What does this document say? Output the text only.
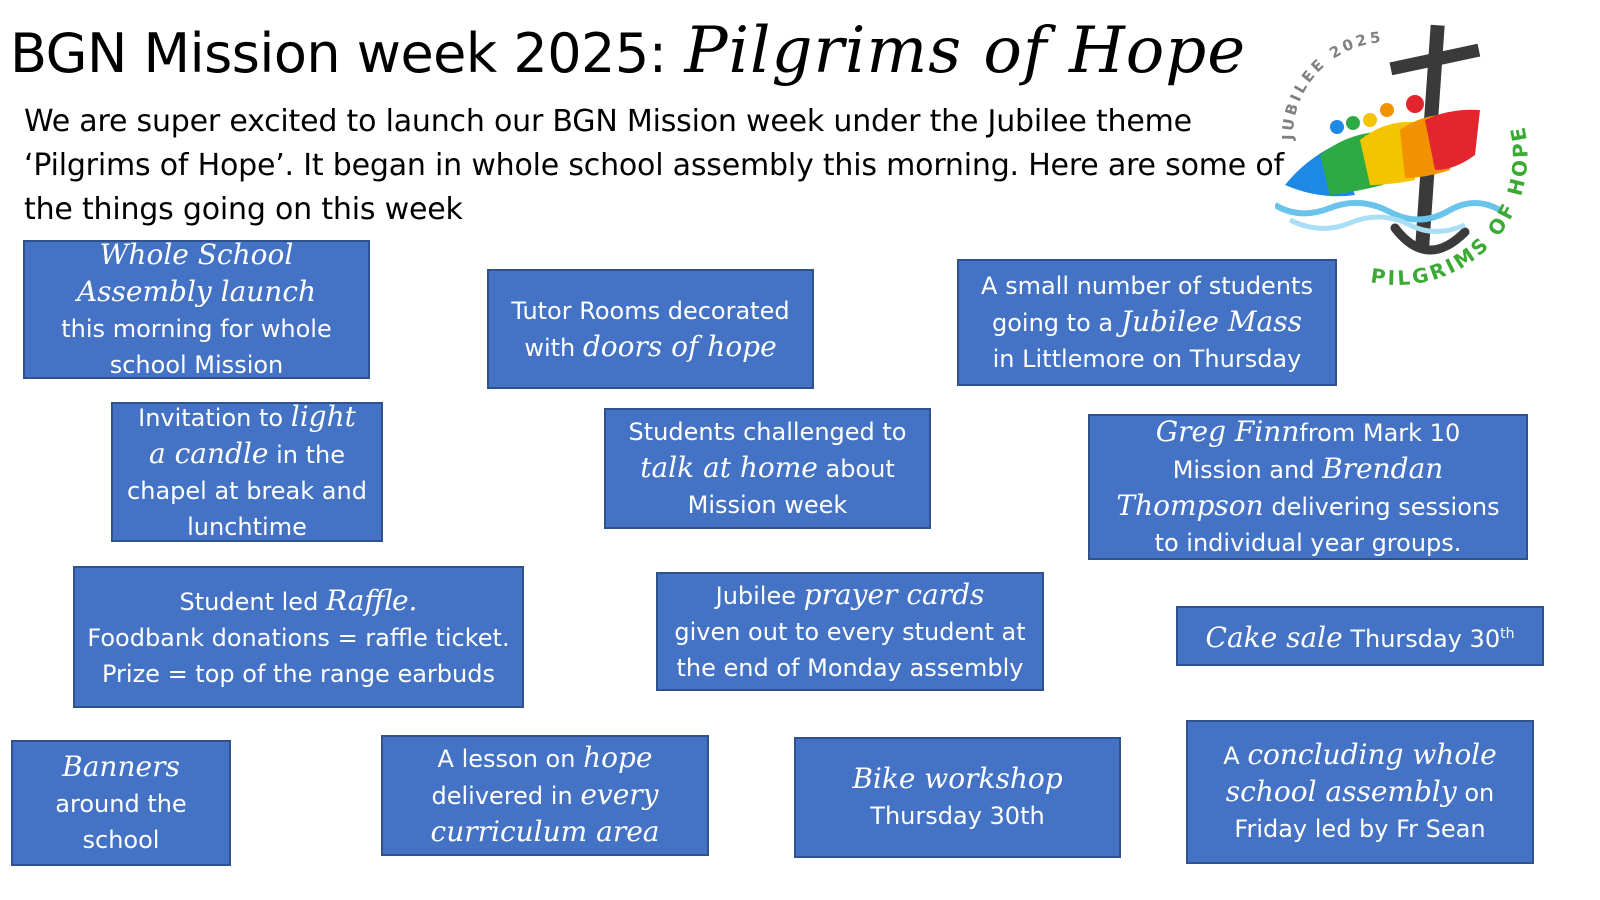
BGN Mission week 2025: Pilgrims of Hope
We are super excited to launch our BGN Mission week under the Jubilee theme ‘Pilgrims of Hope’. It began in whole school assembly this morning. Here are some of the things going on this week
JUBILEE 2025
PILGRIMS OF HOPE
Whole School
Assembly launch
this morning for whole
school Mission
Tutor Rooms decorated
with doors of hope
A small number of students
going to a Jubilee Mass
in Littlemore on Thursday
Invitation to light
a candle in the
chapel at break and
lunchtime
Students challenged to
talk at home about
Mission week
Greg Finnfrom Mark 10
Mission and Brendan
Thompson delivering sessions
to individual year groups.
Student led Raffle.
Foodbank donations = raffle ticket.
Prize = top of the range earbuds
Jubilee prayer cards
given out to every student at
the end of Monday assembly
Cake sale Thursday 30th
Banners
around the
school
A lesson on hope
delivered in every
curriculum area
Bike workshop
Thursday 30th
A concluding whole
school assembly on
Friday led by Fr Sean
